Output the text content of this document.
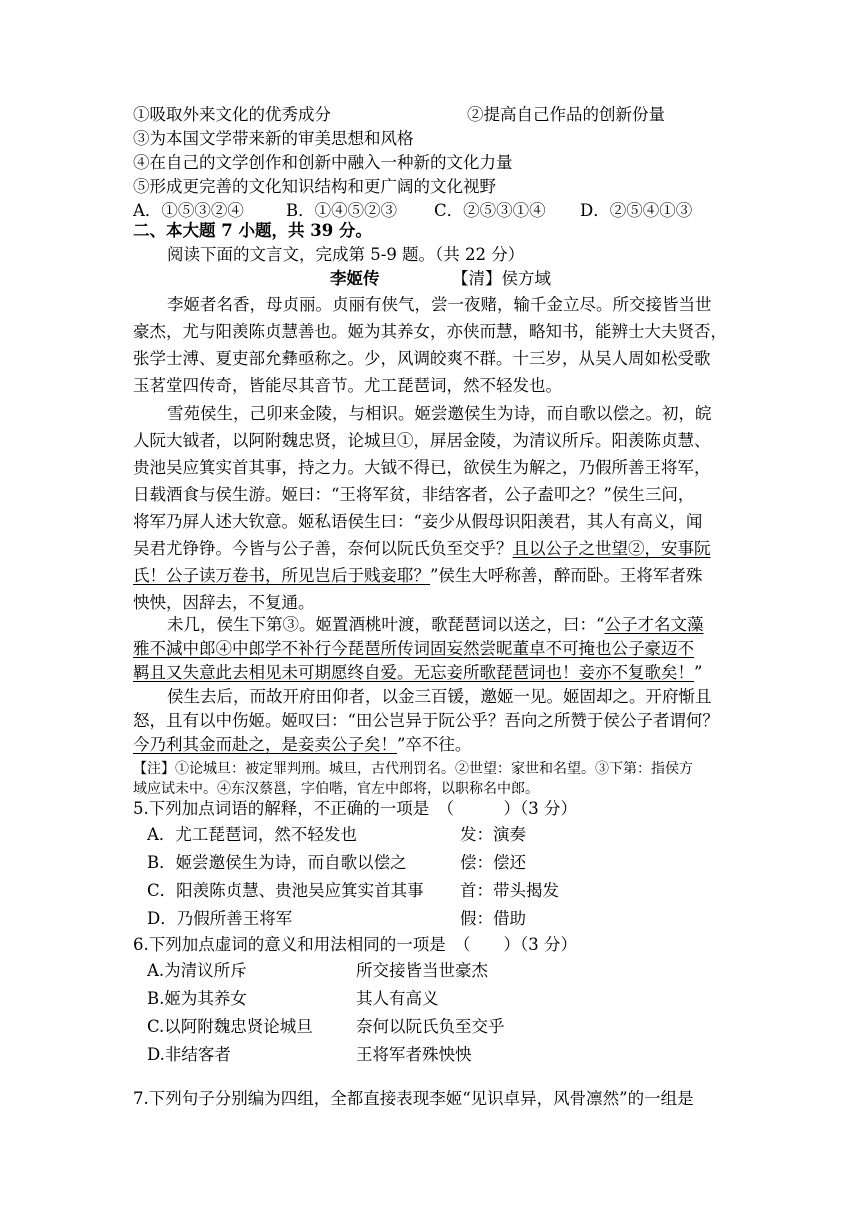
①吸取外来文化的优秀成分	②提高自己作品的创新份量
③为本国文学带来新的审美思想和风格
④在自己的文学创作和创新中融入一种新的文化力量
⑤形成更完善的文化知识结构和更广阔的文化视野
A．①⑤③②④	B．①④⑤②③ C．②⑤③①④ D．②⑤④①③
二、本大题 7 小题，共 39 分。
阅读下面的文言文，完成第 5-9 题。（共 22 分）
李姬传	【清】侯方域
李姬者名香，母贞丽。贞丽有侠气，尝一夜赌，输千金立尽。所交接皆当世
豪杰，尤与阳羡陈贞慧善也。姬为其养女，亦侠而慧，略知书，能辨士大夫贤否，
张学士溥、夏吏部允彝亟称之。少，风调皎爽不群。十三岁，从吴人周如松受歌
玉茗堂四传奇，皆能尽其音节。尤工琵琶词，然不轻发也。
雪苑侯生，己卯来金陵，与相识。姬尝邀侯生为诗，而自歌以偿之。初，皖
人阮大钺者，以阿附魏忠贤，论城旦①，屏居金陵，为清议所斥。阳羡陈贞慧、
贵池吴应箕实首其事，持之力。大钺不得已，欲侯生为解之，乃假所善王将军，
日载酒食与侯生游。姬曰：“王将军贫，非结客者，公子盍叩之？”侯生三问，
将军乃屏人述大钦意。姬私语侯生曰：“妾少从假母识阳羡君，其人有高义，闻
吴君尤铮铮。今皆与公子善，奈何以阮氏负至交乎？且以公子之世望②，安事阮
氏！公子读万卷书，所见岂后于贱妾耶？”侯生大呼称善，醉而卧。王将军者殊
怏怏，因辞去，不复通。
未几，侯生下第③。姬置酒桃叶渡，歌琵琶词以送之，曰：“公子才名文藻
雅不減中郎④中郎学不补行今琵琶所传词固妄然尝昵董卓不可掩也公子豪迈不
羁且又失意此去相见未可期愿终自爱。无忘妾所歌琵琶词也！妾亦不复歌矣！”
侯生去后，而故开府田仰者，以金三百锾，邀姬一见。姬固却之。开府惭且
怒，且有以中伤姬。姬叹曰：“田公岂异于阮公乎？吾向之所赞于侯公子者谓何？
今乃利其金而赴之，是妾卖公子矣！”卒不往。
【注】①论城旦：被定罪判刑。城旦，古代刑罚名。②世望：家世和名望。③下第：指侯方
域应试未中。④东汉蔡邕，字伯喈，官左中郎将，以职称名中郎。
5.下列加点词语的解释，不正确的一项是　（　　　）（3 分）
A．尤工琵琶词，然不轻发也	发：演奏
B．姬尝邀侯生为诗，而自歌以偿之	偿：偿还
C．阳羡陈贞慧、贵池吴应箕实首其事 首：带头揭发
D．乃假所善王将军	假：借助
6.下列加点虚词的意义和用法相同的一项是　（　　）（3 分）
A.为清议所斥	所交接皆当世豪杰
B.姬为其养女	其人有高义
C.以阿附魏忠贤论城旦	奈何以阮氏负至交乎
D.非结客者	王将军者殊怏怏
7.下列句子分别编为四组，全都直接表现李姬“见识卓异，风骨凛然”的一组是
